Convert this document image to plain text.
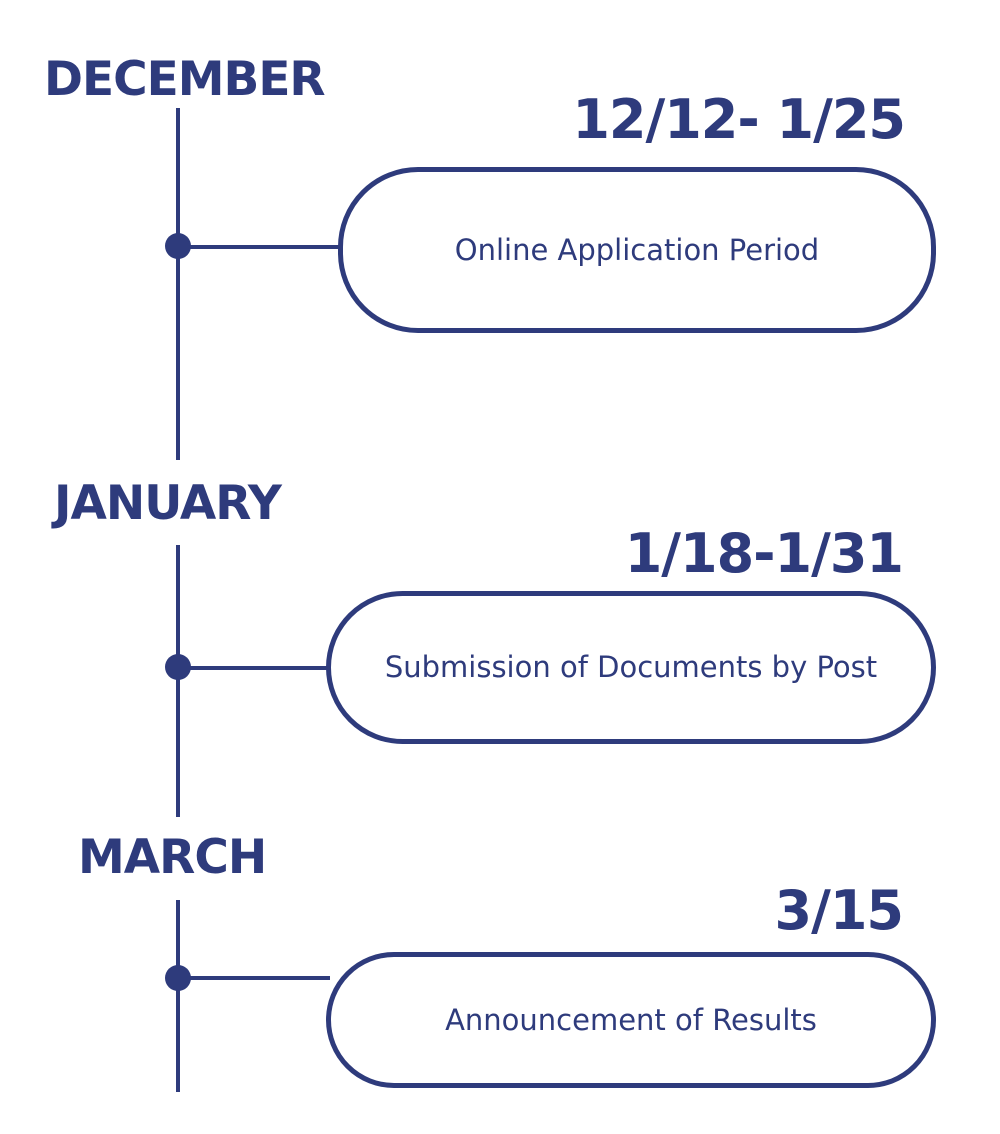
DECEMBER
12/12- 1/25
Online Application Period
JANUARY
1/18-1/31
Submission of Documents by Post
MARCH
3/15
Announcement of Results
